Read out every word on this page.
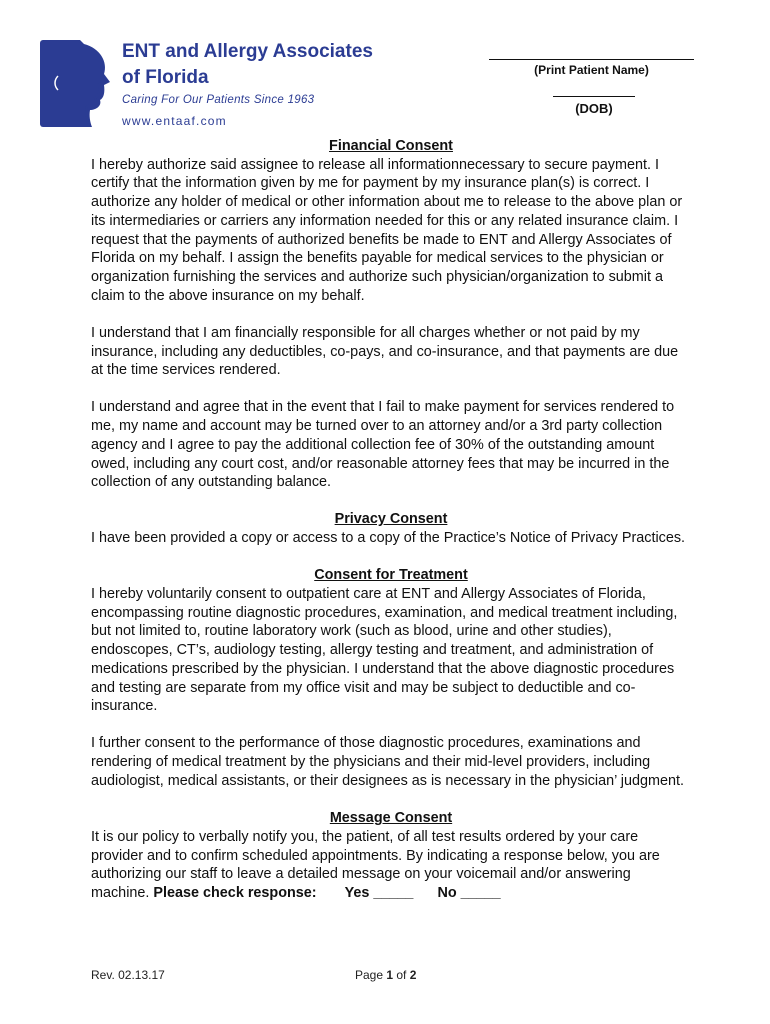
ENT and Allergy Associates
of Florida
Caring For Our Patients Since 1963
www.entaaf.com
(Print Patient Name)
(DOB)

Financial Consent

I hereby authorize said assignee to release all informationnecessary to secure payment. I certify that the information given by me for payment by my insurance plan(s) is correct. I authorize any holder of medical or other information about me to release to the above plan or its intermediaries or carriers any information needed for this or any related insurance claim. I request that the payments of authorized benefits be made to ENT and Allergy Associates of Florida on my behalf. I assign the benefits payable for medical services to the physician or organization furnishing the services and authorize such physician/organization to submit a claim to the above insurance on my behalf.

I understand that I am financially responsible for all charges whether or not paid by my insurance, including any deductibles, co-pays, and co-insurance, and that payments are due at the time services rendered.

I understand and agree that in the event that I fail to make payment for services rendered to me, my name and account may be turned over to an attorney and/or a 3rd party collection agency and I agree to pay the additional collection fee of 30% of the outstanding amount owed, including any court cost, and/or reasonable attorney fees that may be incurred in the collection of any outstanding balance.

Privacy Consent

I have been provided a copy or access to a copy of the Practice’s Notice of Privacy Practices.

Consent for Treatment

I hereby voluntarily consent to outpatient care at ENT and Allergy Associates of Florida, encompassing routine diagnostic procedures, examination, and medical treatment including, but not limited to, routine laboratory work (such as blood, urine and other studies), endoscopes, CT’s, audiology testing, allergy testing and treatment, and administration of medications prescribed by the physician. I understand that the above diagnostic procedures and testing are separate from my office visit and may be subject to deductible and co-insurance.

I further consent to the performance of those diagnostic procedures, examinations and rendering of medical treatment by the physicians and their mid-level providers, including audiologist, medical assistants, or their designees as is necessary in the physician’ judgment.

Message Consent

It is our policy to verbally notify you, the patient, of all test results ordered by your care provider and to confirm scheduled appointments. By indicating a response below, you are authorizing our staff to leave a detailed message on your voicemail and/or answering machine. Please check response: Yes _____ No _____

Rev. 02.13.17	Page 1 of 2
